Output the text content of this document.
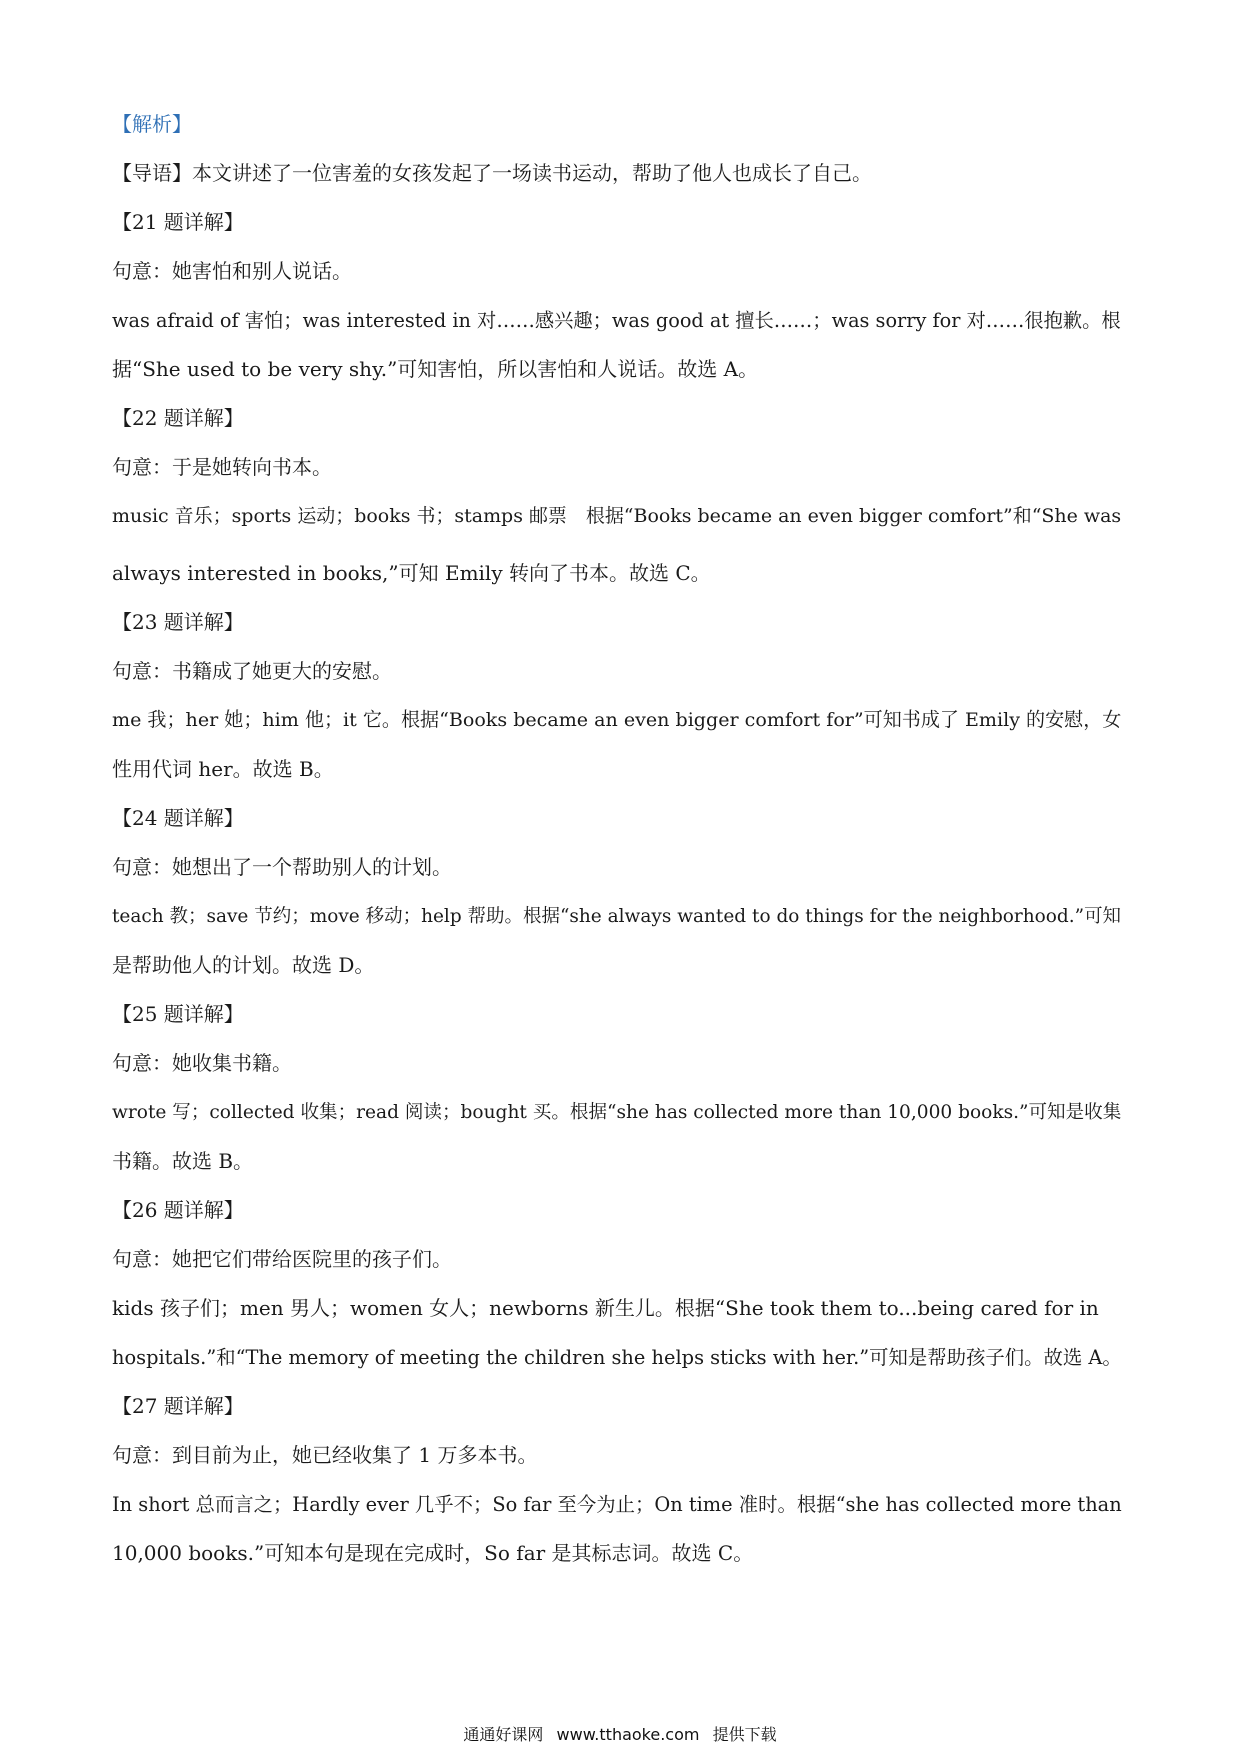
【解析】
【导语】本文讲述了一位害羞的女孩发起了一场读书运动，帮助了他人也成长了自己。
【21 题详解】
句意：她害怕和别人说话。
was afraid of 害怕；was interested in 对……感兴趣；was good at 擅长……；was sorry for 对……很抱歉。根
据“She used to be very shy.”可知害怕，所以害怕和人说话。故选 A。
【22 题详解】
句意：于是她转向书本。
music 音乐；sports 运动；books 书；stamps 邮票　根据“Books became an even bigger comfort”和“She was
always interested in books,”可知 Emily 转向了书本。故选 C。
【23 题详解】
句意：书籍成了她更大的安慰。
me 我；her 她；him 他；it 它。根据“Books became an even bigger comfort for”可知书成了 Emily 的安慰，女
性用代词 her。故选 B。
【24 题详解】
句意：她想出了一个帮助别人的计划。
teach 教；save 节约；move 移动；help 帮助。根据“she always wanted to do things for the neighborhood.”可知
是帮助他人的计划。故选 D。
【25 题详解】
句意：她收集书籍。
wrote 写；collected 收集；read 阅读；bought 买。根据“she has collected more than 10,000 books.”可知是收集
书籍。故选 B。
【26 题详解】
句意：她把它们带给医院里的孩子们。
kids 孩子们；men 男人；women 女人；newborns 新生儿。根据“She took them to...being cared for in
hospitals.”和“The memory of meeting the children she helps sticks with her.”可知是帮助孩子们。故选 A。
【27 题详解】
句意：到目前为止，她已经收集了 1 万多本书。
In short 总而言之；Hardly ever 几乎不；So far 至今为止；On time 准时。根据“she has collected more than
10,000 books.”可知本句是现在完成时，So far 是其标志词。故选 C。
通通好课网 www.tthaoke.com 提供下载
